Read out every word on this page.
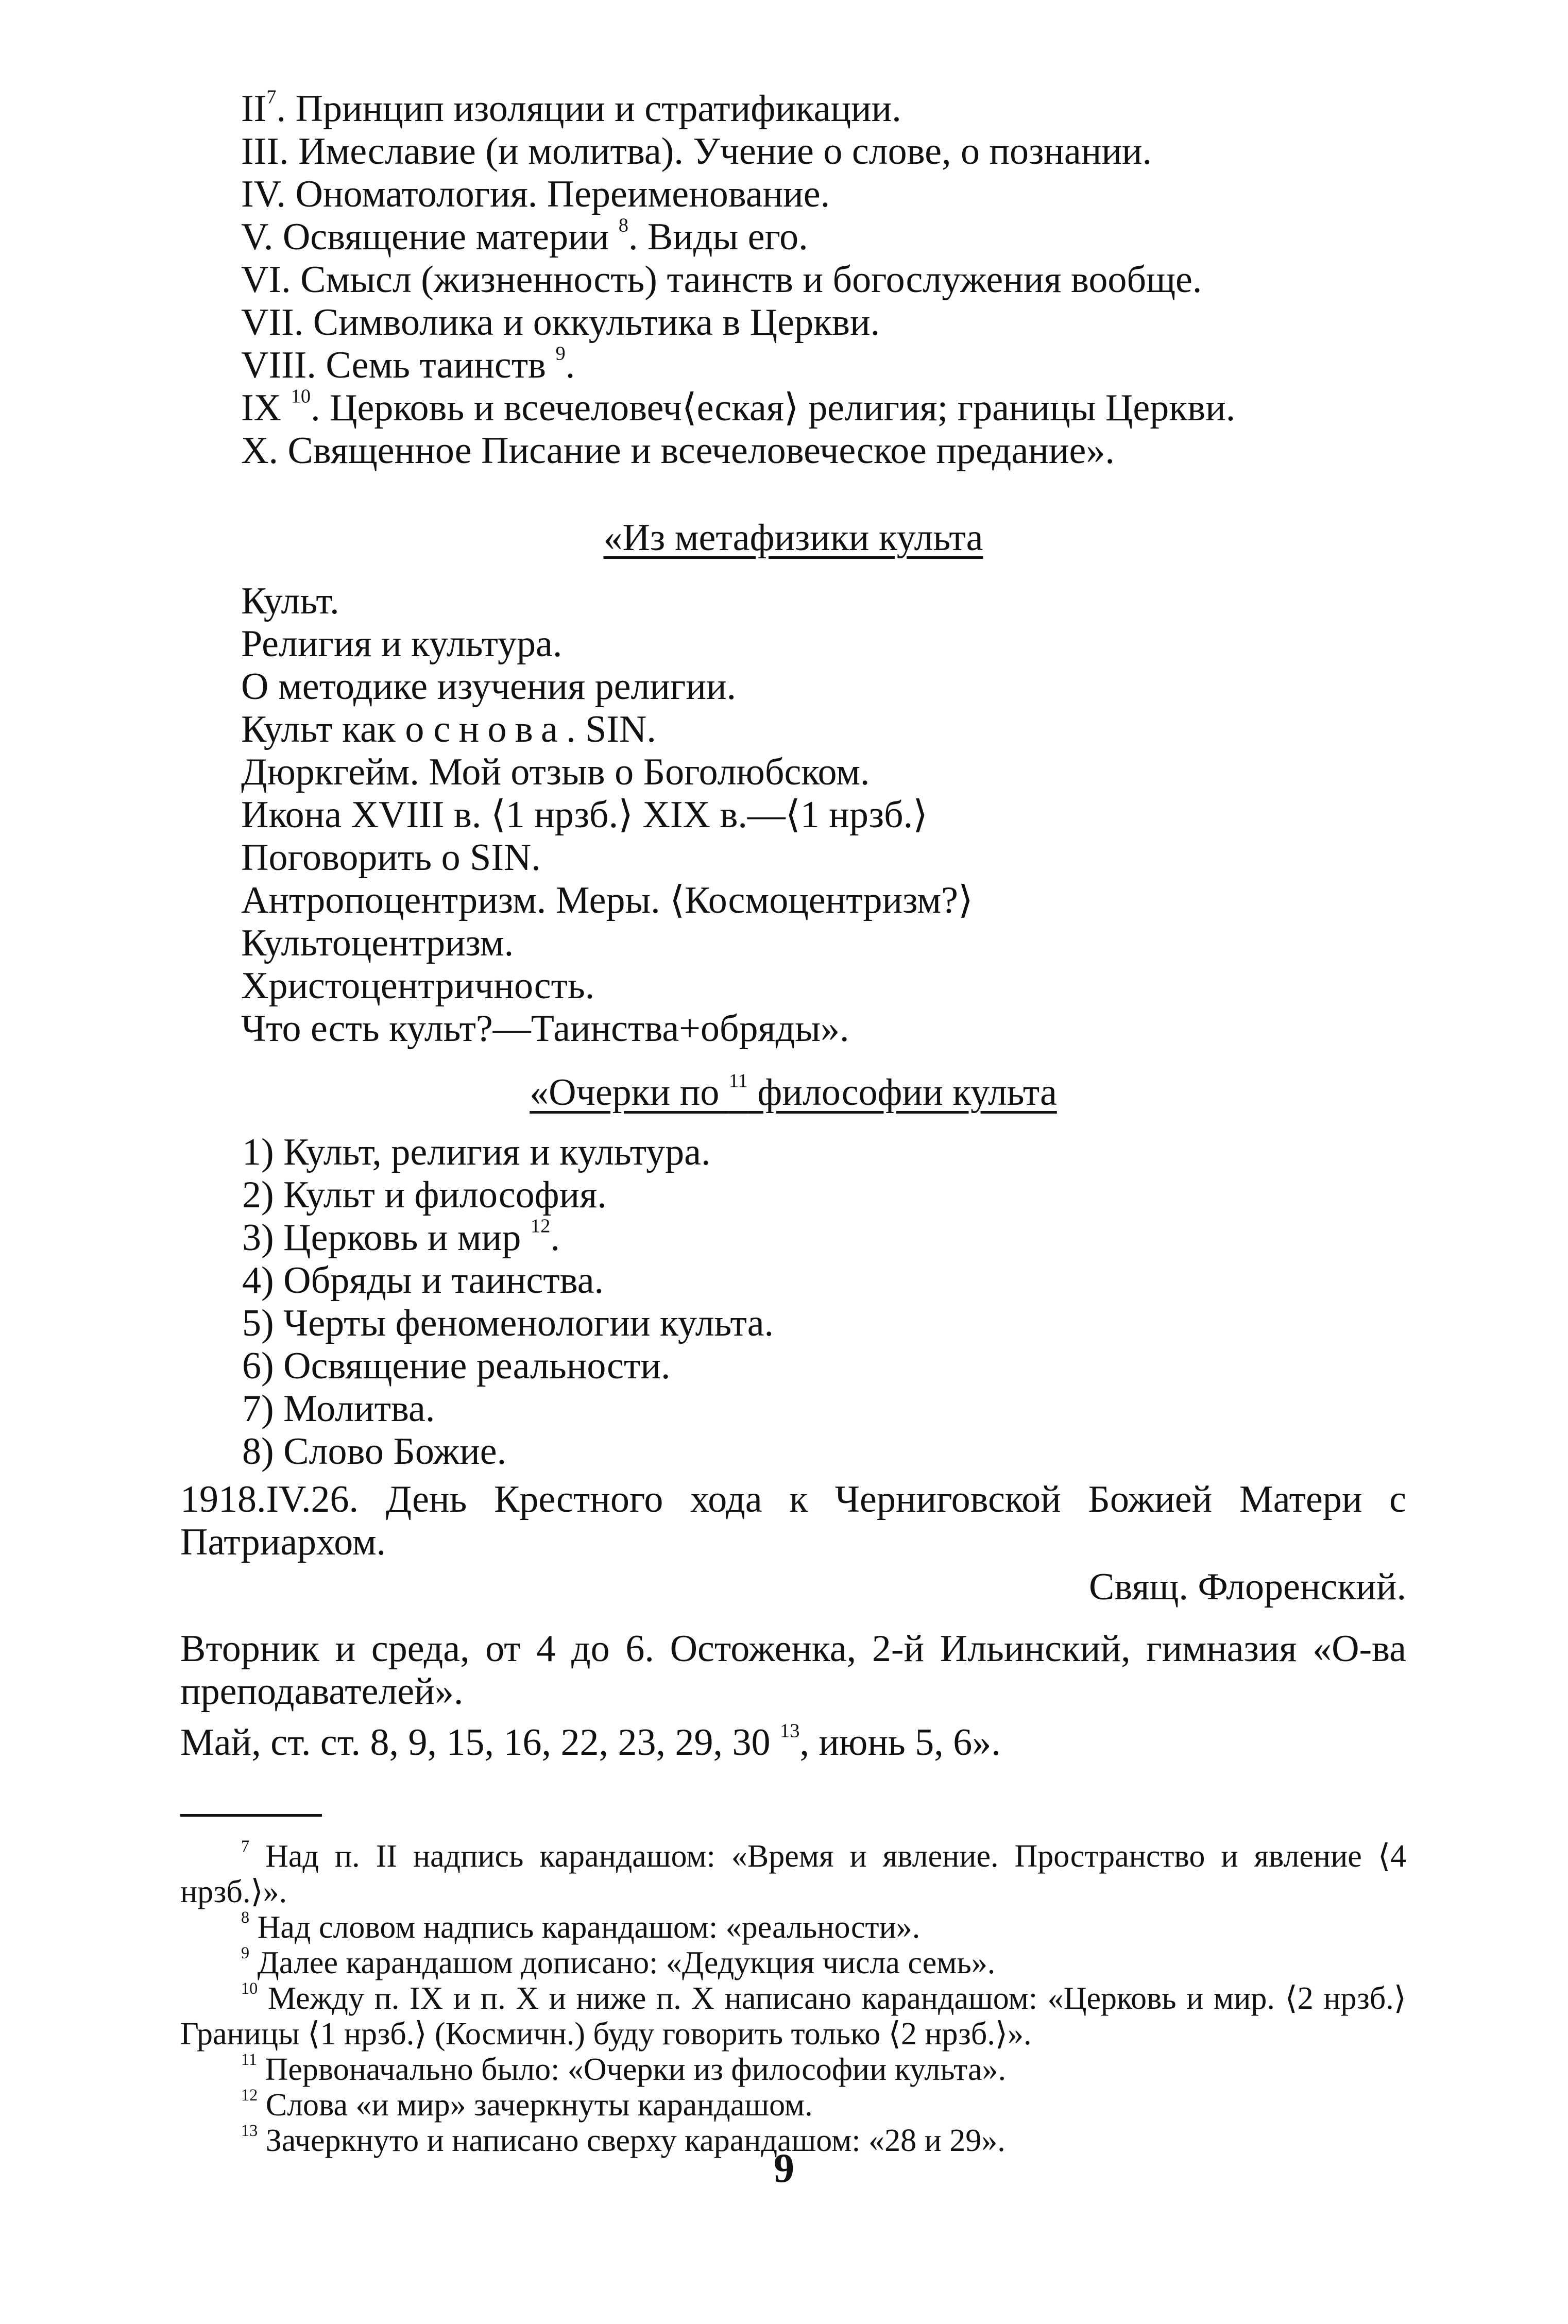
$II^7$. Принцип изоляции и стратификации.

III. Имеславие (и молитва). Учение о слове, о познании.

IV. Ономатология. Переименование.

V. Освящение материи $^8$. Виды его.

VI. Смысл (жизненность) таинств и богослужения вообще.

VII. Символика и оккультика в Церкви.

VIII. Семь таинств $^9$.

IX $^{10}$. Церковь и всечеловеч⟨еская⟩ религия; границы Церкви.

X. Священное Писание и всечеловеческое предание».

«Из метафизики культа

Культ.

Религия и культура.

О методике изучения религии.

Культ как основа. SIN.

Дюркгейм. Мой отзыв о Боголюбском.

Икона XVIII в. ⟨1 нрзб.⟩ XIX в.—⟨1 нрзб.⟩

Поговорить о SIN.

Антропоцентризм. Меры. ⟨Космоцентризм?⟩

Культоцентризм.

Христоцентричность.

Что есть культ?—Таинства+обряды».

«Очерки по $^{11}$ философии культа

1) Культ, религия и культура.

2) Культ и философия.

3) Церковь и мир $^{12}$.

4) Обряды и таинства.

5) Черты феноменологии культа.

6) Освящение реальности.

7) Молитва.

8) Слово Божие.

1918.IV.26. День Крестного хода к Черниговской Божией Матери с Патриархом.

Свящ. Флоренский.

Вторник и среда, от 4 до 6. Остоженка, 2-й Ильинский, гимназия «О-ва преподавателей».

Май, ст. ст. 8, 9, 15, 16, 22, 23, 29, 30 $^{13}$, июнь 5, 6».

$^7$ Над п. II надпись карандашом: «Время и явление. Пространство и явление ⟨4 нрзб.⟩».

$^8$ Над словом надпись карандашом: «реальности».

$^9$ Далее карандашом дописано: «Дедукция числа семь».

$^{10}$ Между п. IX и п. X и ниже п. X написано карандашом: «Церковь и мир. ⟨2 нрзб.⟩ Границы ⟨1 нрзб.⟩ (Космичн.) буду говорить только ⟨2 нрзб.⟩».

$^{11}$ Первоначально было: «Очерки из философии культа».

$^{12}$ Слова «и мир» зачеркнуты карандашом.

$^{13}$ Зачеркнуто и написано сверху карандашом: «28 и 29».

9
